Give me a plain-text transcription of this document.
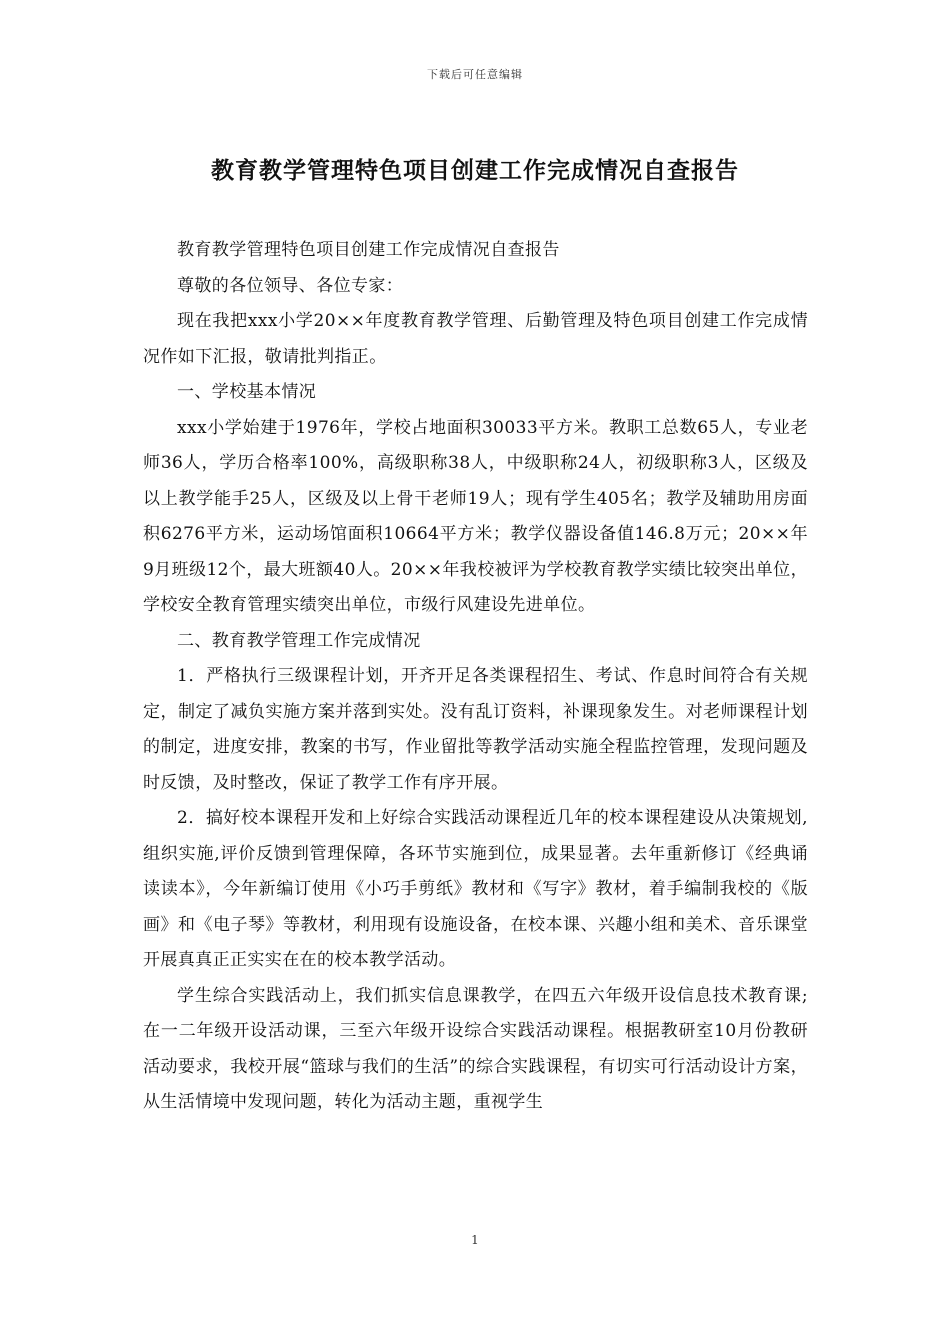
下载后可任意编辑
教育教学管理特色项目创建工作完成情况自查报告

教育教学管理特色项目创建工作完成情况自查报告

尊敬的各位领导、各位专家：

现在我把xxx小学20××年度教育教学管理、后勤管理及特色项目创建工作完成情况作如下汇报，敬请批判指正。

一、学校基本情况

xxx小学始建于1976年，学校占地面积30033平方米。教职工总数65人，专业老师36人，学历合格率100%，高级职称38人，中级职称24人，初级职称3人，区级及以上教学能手25人，区级及以上骨干老师19人；现有学生405名；教学及辅助用房面积6276平方米，运动场馆面积10664平方米；教学仪器设备值146.8万元；20××年9月班级12个，最大班额40人。20××年我校被评为学校教育教学实绩比较突出单位，学校安全教育管理实绩突出单位，市级行风建设先进单位。

二、教育教学管理工作完成情况

1．严格执行三级课程计划，开齐开足各类课程招生、考试、作息时间符合有关规定，制定了减负实施方案并落到实处。没有乱订资料，补课现象发生。对老师课程计划的制定，进度安排，教案的书写，作业留批等教学活动实施全程监控管理，发现问题及时反馈，及时整改，保证了教学工作有序开展。

2．搞好校本课程开发和上好综合实践活动课程近几年的校本课程建设从决策规划,组织实施,评价反馈到管理保障，各环节实施到位，成果显著。去年重新修订《经典诵读读本》，今年新编订使用《小巧手剪纸》教材和《写字》教材，着手编制我校的《版画》和《电子琴》等教材，利用现有设施设备，在校本课、兴趣小组和美术、音乐课堂开展真真正正实实在在的校本教学活动。

学生综合实践活动上，我们抓实信息课教学，在四五六年级开设信息技术教育课;在一二年级开设活动课，三至六年级开设综合实践活动课程。根据教研室10月份教研活动要求，我校开展“篮球与我们的生活”的综合实践课程，有切实可行活动设计方案，从生活情境中发现问题，转化为活动主题，重视学生

1
